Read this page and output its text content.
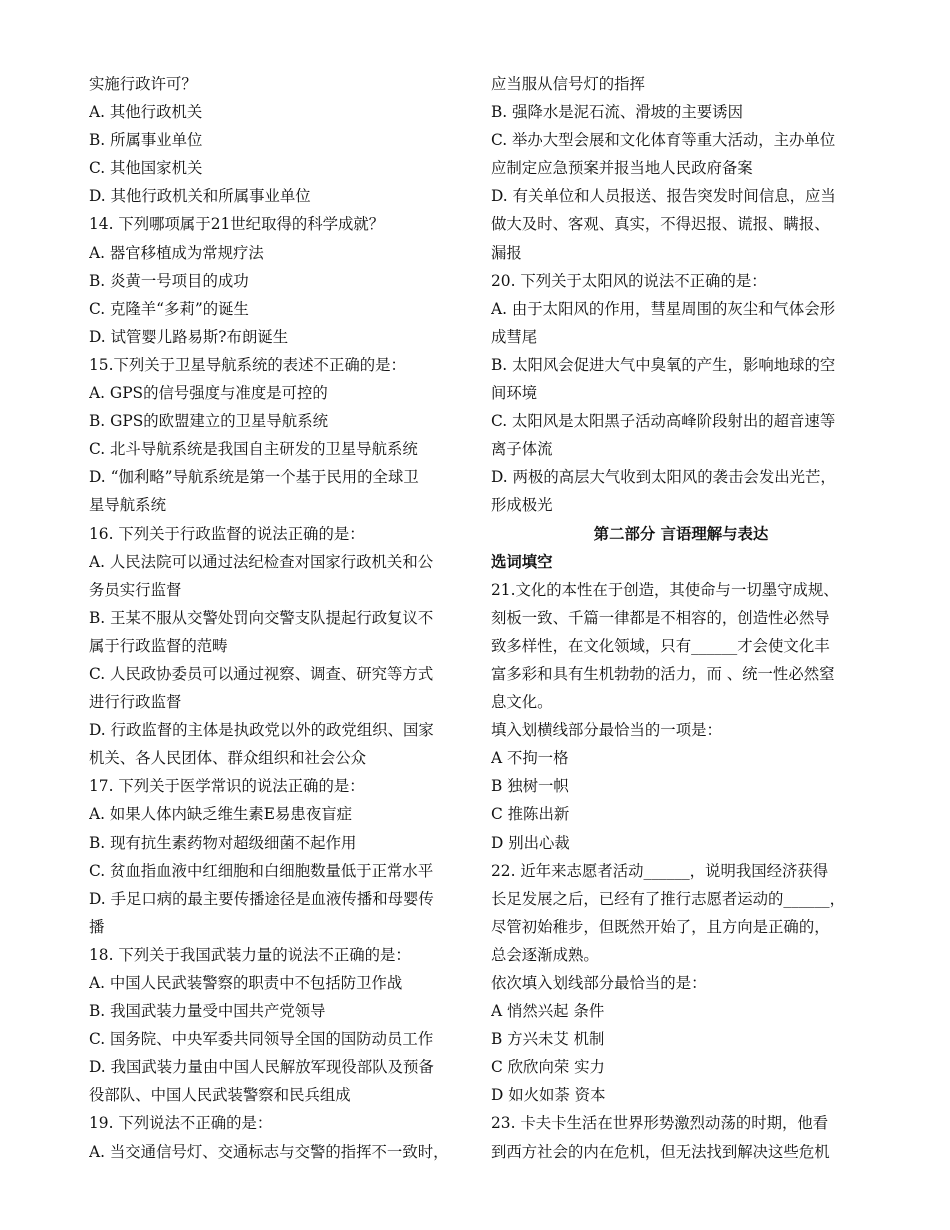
实施行政许可？
A. 其他行政机关
B. 所属事业单位
C. 其他国家机关
D. 其他行政机关和所属事业单位
14. 下列哪项属于21世纪取得的科学成就？
A. 器官移植成为常规疗法
B. 炎黄一号项目的成功
C. 克隆羊“多莉”的诞生
D. 试管婴儿路易斯?布朗诞生
15.下列关于卫星导航系统的表述不正确的是：
A. GPS的信号强度与准度是可控的
B. GPS的欧盟建立的卫星导航系统
C. 北斗导航系统是我国自主研发的卫星导航系统
D. “伽利略”导航系统是第一个基于民用的全球卫
星导航系统
16. 下列关于行政监督的说法正确的是：
A. 人民法院可以通过法纪检查对国家行政机关和公
务员实行监督
B. 王某不服从交警处罚向交警支队提起行政复议不
属于行政监督的范畴
C. 人民政协委员可以通过视察、调查、研究等方式
进行行政监督
D. 行政监督的主体是执政党以外的政党组织、国家
机关、各人民团体、群众组织和社会公众
17. 下列关于医学常识的说法正确的是：
A. 如果人体内缺乏维生素E易患夜盲症
B. 现有抗生素药物对超级细菌不起作用
C. 贫血指血液中红细胞和白细胞数量低于正常水平
D. 手足口病的最主要传播途径是血液传播和母婴传
播
18. 下列关于我国武装力量的说法不正确的是：
A. 中国人民武装警察的职责中不包括防卫作战
B. 我国武装力量受中国共产党领导
C. 国务院、中央军委共同领导全国的国防动员工作
D. 我国武装力量由中国人民解放军现役部队及预备
役部队、中国人民武装警察和民兵组成
19. 下列说法不正确的是：
A. 当交通信号灯、交通标志与交警的指挥不一致时，
应当服从信号灯的指挥
B. 强降水是泥石流、滑坡的主要诱因
C. 举办大型会展和文化体育等重大活动，主办单位
应制定应急预案并报当地人民政府备案
D. 有关单位和人员报送、报告突发时间信息，应当
做大及时、客观、真实，不得迟报、谎报、瞒报、
漏报
20. 下列关于太阳风的说法不正确的是：
A. 由于太阳风的作用，彗星周围的灰尘和气体会形
成彗尾
B. 太阳风会促进大气中臭氧的产生，影响地球的空
间环境
C. 太阳风是太阳黑子活动高峰阶段射出的超音速等
离子体流
D. 两极的高层大气收到太阳风的袭击会发出光芒，
形成极光
第二部分 言语理解与表达
选词填空
21.文化的本性在于创造，其使命与一切墨守成规、
刻板一致、千篇一律都是不相容的，创造性必然导
致多样性，在文化领域，只有______才会使文化丰
富多彩和具有生机勃勃的活力，而 、统一性必然窒
息文化。
填入划横线部分最恰当的一项是：
A 不拘一格
B 独树一帜
C 推陈出新
D 别出心裁
22. 近年来志愿者活动______，说明我国经济获得
长足发展之后，已经有了推行志愿者运动的______，
尽管初始稚步，但既然开始了，且方向是正确的，
总会逐渐成熟。
依次填入划线部分最恰当的是：
A 悄然兴起 条件
B 方兴未艾 机制
C 欣欣向荣 实力
D 如火如荼 资本
23. 卡夫卡生活在世界形势激烈动荡的时期，他看
到西方社会的内在危机，但无法找到解决这些危机
